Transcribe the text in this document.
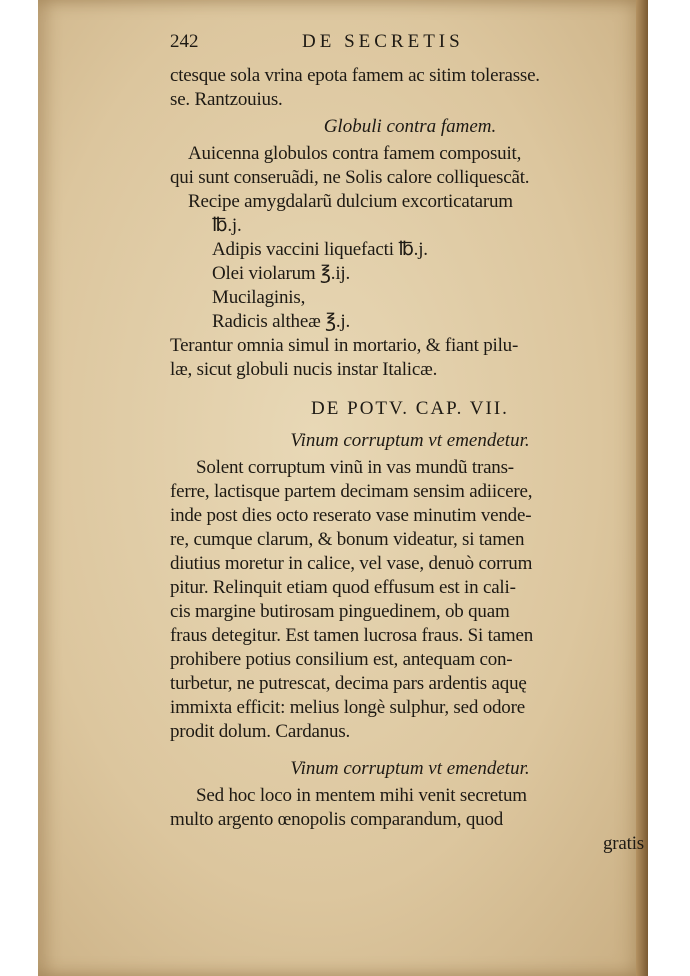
242	DE SECRETIS
ctesque sola vrina epota famem ac sitim tolerasse.
se. Rantzouius.
Globuli contra famem.
Auicenna globulos contra famem composuit,
qui sunt conseruãdi, ne Solis calore colliquescãt.
Recipe amygdalarũ dulcium excorticatarum
℔.j.
Adipis vaccini liquefacti ℔.j.
Olei violarum ℥.ij.
Mucilaginis,
Radicis altheæ ℥.j.
Terantur omnia simul in mortario, & fiant pilu-
læ, sicut globuli nucis instar Italicæ.
DE POTV. CAP. VII.
Vinum corruptum vt emendetur.
Solent corruptum vinũ in vas mundũ trans-
ferre, lactisque partem decimam sensim adiicere,
inde post dies octo reserato vase minutim vende-
re, cumque clarum, & bonum videatur, si tamen
diutius moretur in calice, vel vase, denuò corrum
pitur. Relinquit etiam quod effusum est in cali-
cis margine butirosam pinguedinem, ob quam
fraus detegitur. Est tamen lucrosa fraus. Si tamen
prohibere potius consilium est, antequam con-
turbetur, ne putrescat, decima pars ardentis aquę
immixta efficit: melius longè sulphur, sed odore
prodit dolum. Cardanus.
Vinum corruptum vt emendetur.
Sed hoc loco in mentem mihi venit secretum
multo argento œnopolis comparandum, quod
gratis
